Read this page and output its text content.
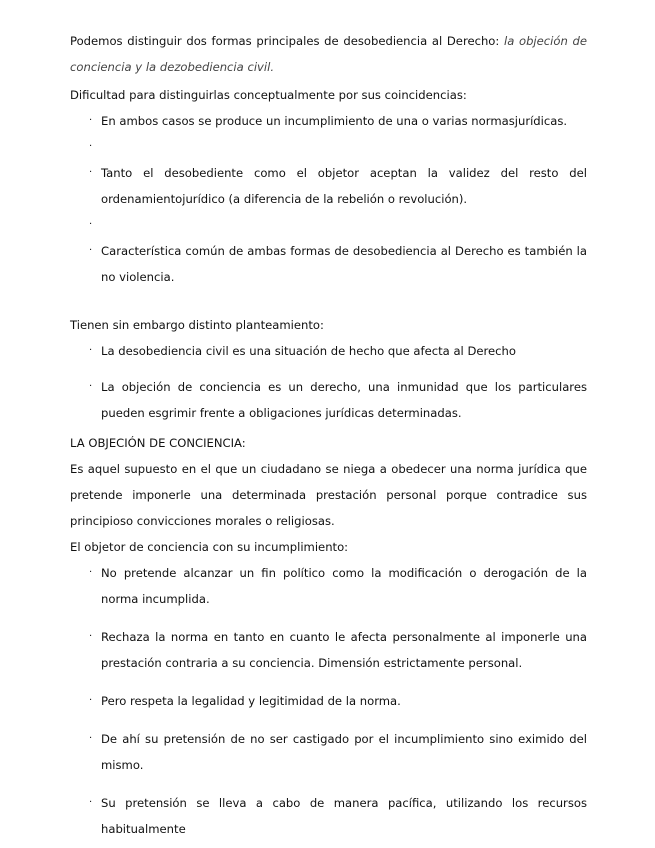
Podemos distinguir dos formas principales de desobediencia al Derecho: la objeción de conciencia y la dezobediencia civil.

Dificultad para distinguirlas conceptualmente por sus coincidencias:

· En ambos casos se produce un incumplimiento de una o varias normasjurídicas.
·

· Tanto el desobediente como el objetor aceptan la validez del resto del ordenamientojurídico (a diferencia de la rebelión o revolución).
·

· Característica común de ambas formas de desobediencia al Derecho es también la no violencia.

Tienen sin embargo distinto planteamiento:

· La desobediencia civil es una situación de hecho que afecta al Derecho
· La objeción de conciencia es un derecho, una inmunidad que los particulares pueden esgrimir frente a obligaciones jurídicas determinadas.

LA OBJECIÓN DE CONCIENCIA:

Es aquel supuesto en el que un ciudadano se niega a obedecer una norma jurídica que pretende imponerle una determinada prestación personal porque contradice sus principioso convicciones morales o religiosas.

El objetor de conciencia con su incumplimiento:

· No pretende alcanzar un fin político como la modificación o derogación de la norma incumplida.
· Rechaza la norma en tanto en cuanto le afecta personalmente al imponerle una prestación contraria a su conciencia. Dimensión estrictamente personal.
· Pero respeta la legalidad y legitimidad de la norma.
· De ahí su pretensión de no ser castigado por el incumplimiento sino eximido del mismo.
· Su pretensión se lleva a cabo de manera pacífica, utilizando los recursos habitualmente
